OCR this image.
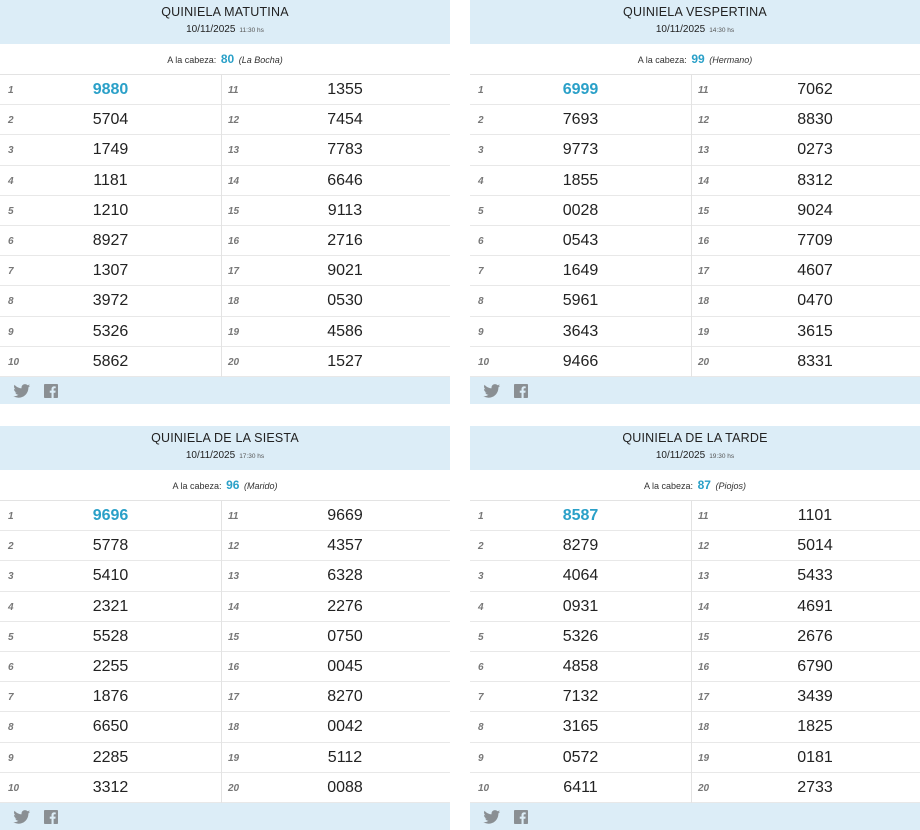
QUINIELA MATUTINA
10/11/2025 11:30 hs
A la cabeza: 80 (La Bocha)
1	9880
2	5704
3	1749
4	1181
5	1210
6	8927
7	1307
8	3972
9	5326
10	5862
11	1355
12	7454
13	7783
14	6646
15	9113
16	2716
17	9021
18	0530
19	4586
20	1527
QUINIELA VESPERTINA
10/11/2025 14:30 hs
A la cabeza: 99 (Hermano)
1	6999
2	7693
3	9773
4	1855
5	0028
6	0543
7	1649
8	5961
9	3643
10	9466
11	7062
12	8830
13	0273
14	8312
15	9024
16	7709
17	4607
18	0470
19	3615
20	8331
QUINIELA DE LA SIESTA
10/11/2025 17:30 hs
A la cabeza: 96 (Marido)
1	9696
2	5778
3	5410
4	2321
5	5528
6	2255
7	1876
8	6650
9	2285
10	3312
11	9669
12	4357
13	6328
14	2276
15	0750
16	0045
17	8270
18	0042
19	5112
20	0088
QUINIELA DE LA TARDE
10/11/2025 19:30 hs
A la cabeza: 87 (Piojos)
1	8587
2	8279
3	4064
4	0931
5	5326
6	4858
7	7132
8	3165
9	0572
10	6411
11	1101
12	5014
13	5433
14	4691
15	2676
16	6790
17	3439
18	1825
19	0181
20	2733
